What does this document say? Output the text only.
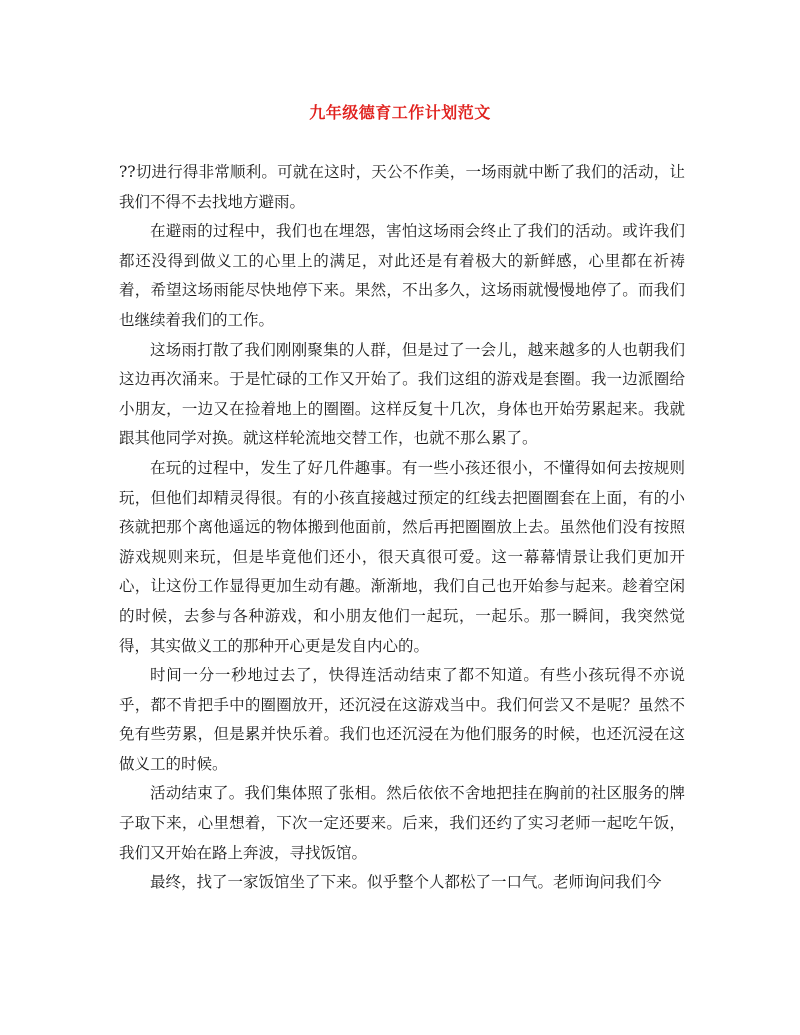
九年级德育工作计划范文

??切进行得非常顺利。可就在这时，天公不作美，一场雨就中断了我们的活动，让我们不得不去找地方避雨。

在避雨的过程中，我们也在埋怨，害怕这场雨会终止了我们的活动。或许我们都还没得到做义工的心里上的满足，对此还是有着极大的新鲜感，心里都在祈祷着，希望这场雨能尽快地停下来。果然，不出多久，这场雨就慢慢地停了。而我们也继续着我们的工作。

这场雨打散了我们刚刚聚集的人群，但是过了一会儿，越来越多的人也朝我们这边再次涌来。于是忙碌的工作又开始了。我们这组的游戏是套圈。我一边派圈给小朋友，一边又在捡着地上的圈圈。这样反复十几次，身体也开始劳累起来。我就跟其他同学对换。就这样轮流地交替工作，也就不那么累了。

在玩的过程中，发生了好几件趣事。有一些小孩还很小，不懂得如何去按规则玩，但他们却精灵得很。有的小孩直接越过预定的红线去把圈圈套在上面，有的小孩就把那个离他遥远的物体搬到他面前，然后再把圈圈放上去。虽然他们没有按照游戏规则来玩，但是毕竟他们还小，很天真很可爱。这一幕幕情景让我们更加开心，让这份工作显得更加生动有趣。渐渐地，我们自己也开始参与起来。趁着空闲的时候，去参与各种游戏，和小朋友他们一起玩，一起乐。那一瞬间，我突然觉得，其实做义工的那种开心更是发自内心的。

时间一分一秒地过去了，快得连活动结束了都不知道。有些小孩玩得不亦说乎，都不肯把手中的圈圈放开，还沉浸在这游戏当中。我们何尝又不是呢？虽然不免有些劳累，但是累并快乐着。我们也还沉浸在为他们服务的时候，也还沉浸在这做义工的时候。

活动结束了。我们集体照了张相。然后依依不舍地把挂在胸前的社区服务的牌子取下来，心里想着，下次一定还要来。后来，我们还约了实习老师一起吃午饭，我们又开始在路上奔波，寻找饭馆。

最终，找了一家饭馆坐了下来。似乎整个人都松了一口气。老师询问我们今
